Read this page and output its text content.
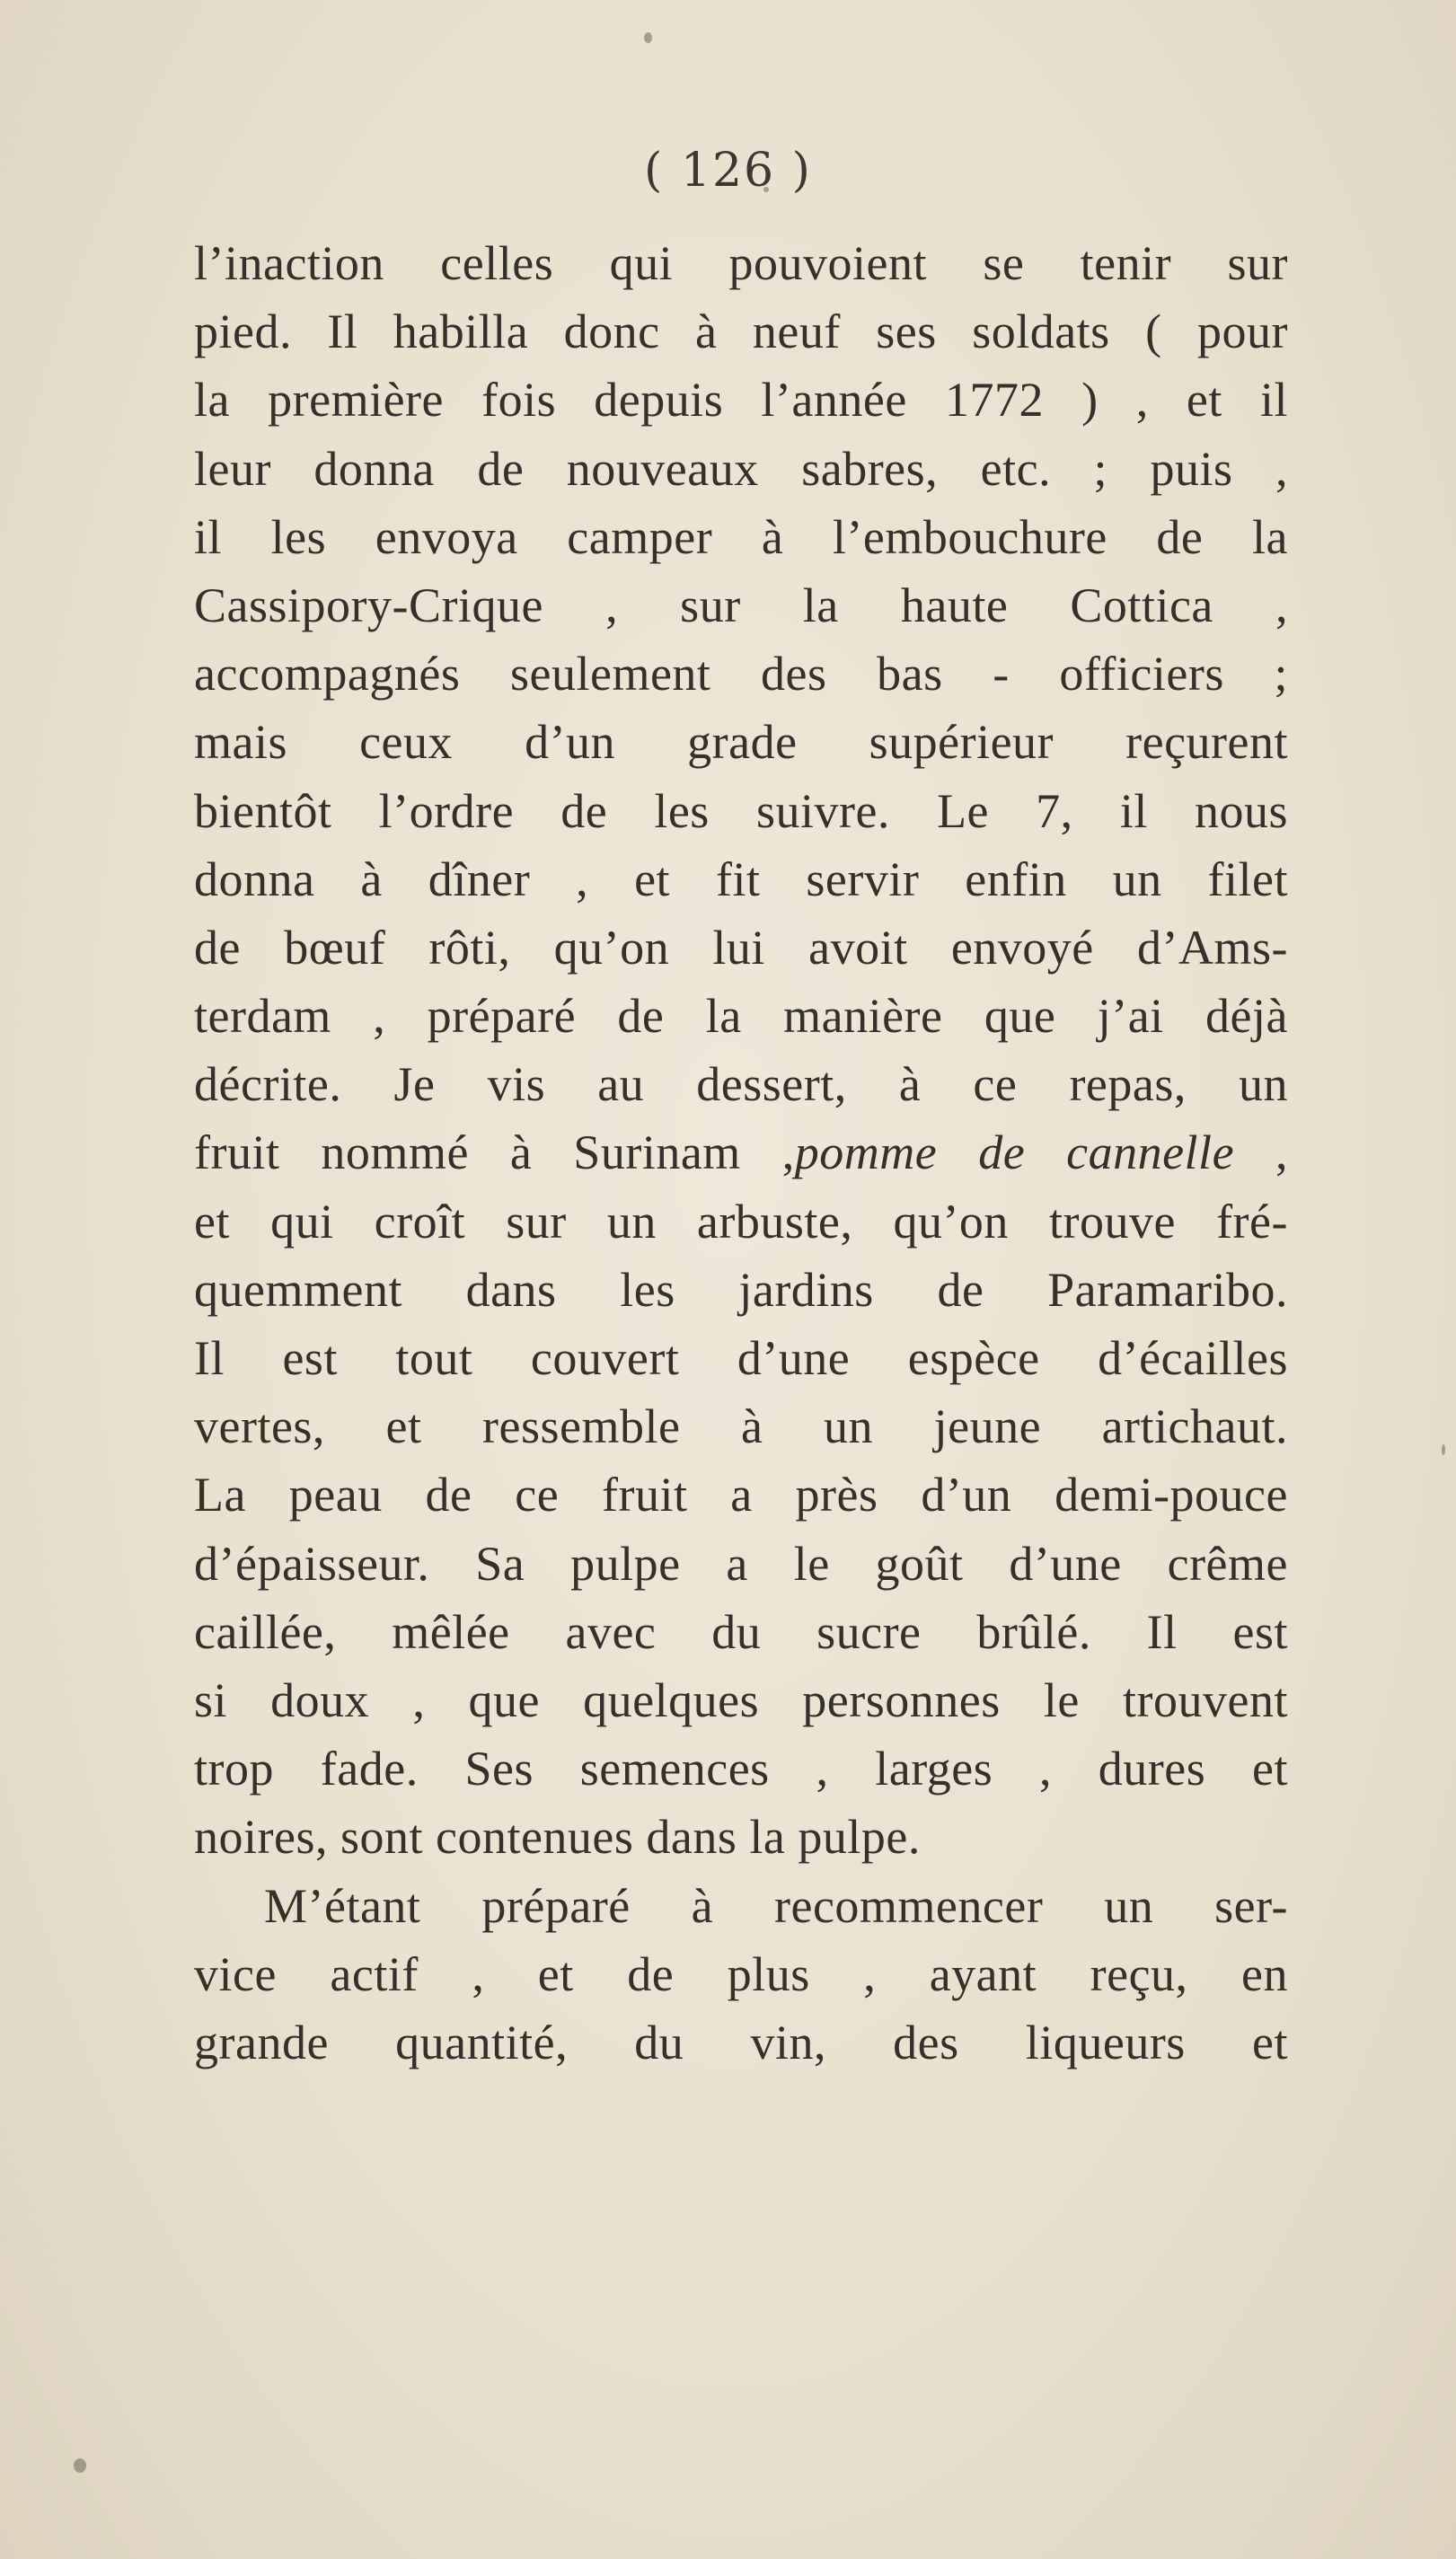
( 126 )
l’inaction celles qui pouvoient se tenir sur
pied. Il habilla donc à neuf ses soldats ( pour
la première fois depuis l’année 1772 ) , et il
leur donna de nouveaux sabres, etc. ; puis ,
il les envoya camper à l’embouchure de la
Cassipory-Crique , sur la haute Cottica ,
accompagnés seulement des bas - officiers ;
mais ceux d’un grade supérieur reçurent
bientôt l’ordre de les suivre. Le 7, il nous
donna à dîner , et fit servir enfin un filet
de bœuf rôti, qu’on lui avoit envoyé d’Ams-
terdam , préparé de la manière que j’ai déjà
décrite. Je vis au dessert, à ce repas, un
fruit nommé à Surinam ,pomme de cannelle ,
et qui croît sur un arbuste, qu’on trouve fré-
quemment dans les jardins de Paramaribo.
Il est tout couvert d’une espèce d’écailles
vertes, et ressemble à un jeune artichaut.
La peau de ce fruit a près d’un demi-pouce
d’épaisseur. Sa pulpe a le goût d’une crême
caillée, mêlée avec du sucre brûlé. Il est
si doux , que quelques personnes le trouvent
trop fade. Ses semences , larges , dures et
noires, sont contenues dans la pulpe.
M’étant préparé à recommencer un ser-
vice actif , et de plus , ayant reçu, en
grande quantité, du vin, des liqueurs et
